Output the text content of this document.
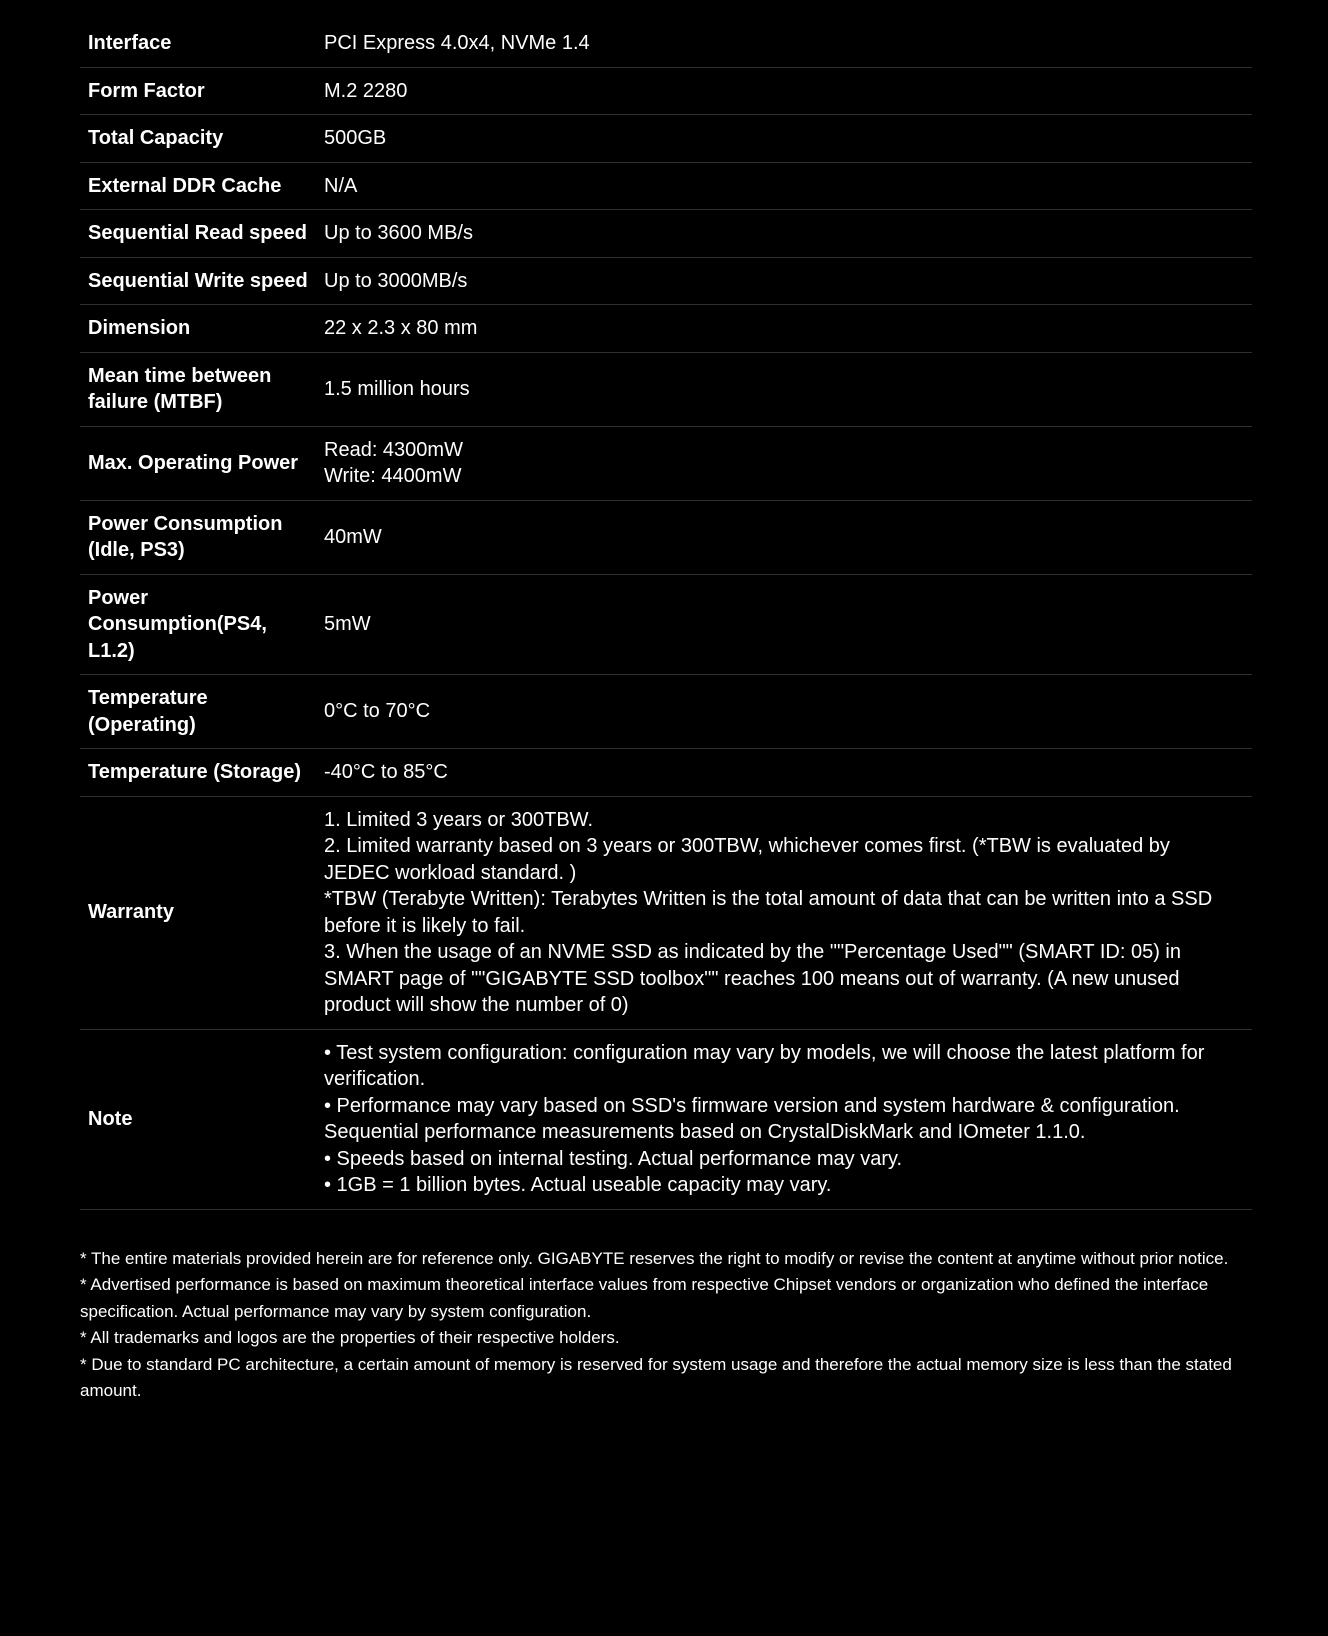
Interface	PCI Express 4.0x4, NVMe 1.4

Form Factor	M.2 2280

Total Capacity	500GB

External DDR Cache	N/A

Sequential Read speed	Up to 3600 MB/s

Sequential Write speed	Up to 3000MB/s

Dimension	22 x 2.3 x 80 mm

Mean time between failure (MTBF)	1.5 million hours

Max. Operating Power	Read: 4300mW
Write: 4400mW

Power Consumption (Idle, PS3)	40mW

Power Consumption(PS4, L1.2)	5mW

Temperature (Operating)	0°C to 70°C

Temperature (Storage)	-40°C to 85°C

Warranty	1. Limited 3 years or 300TBW.
2. Limited warranty based on 3 years or 300TBW, whichever comes first. (*TBW is evaluated by JEDEC workload standard. )
*TBW (Terabyte Written): Terabytes Written is the total amount of data that can be written into a SSD before it is likely to fail.
3. When the usage of an NVME SSD as indicated by the ""Percentage Used"" (SMART ID: 05) in SMART page of ""GIGABYTE SSD toolbox"" reaches 100 means out of warranty. (A new unused product will show the number of 0)

Note	• Test system configuration: configuration may vary by models, we will choose the latest platform for verification.
• Performance may vary based on SSD's firmware version and system hardware & configuration. Sequential performance measurements based on CrystalDiskMark and IOmeter 1.1.0.
• Speeds based on internal testing. Actual performance may vary.
• 1GB = 1 billion bytes. Actual useable capacity may vary.
* The entire materials provided herein are for reference only. GIGABYTE reserves the right to modify or revise the content at anytime without prior notice.
* Advertised performance is based on maximum theoretical interface values from respective Chipset vendors or organization who defined the interface specification. Actual performance may vary by system configuration.
* All trademarks and logos are the properties of their respective holders.
* Due to standard PC architecture, a certain amount of memory is reserved for system usage and therefore the actual memory size is less than the stated amount.
